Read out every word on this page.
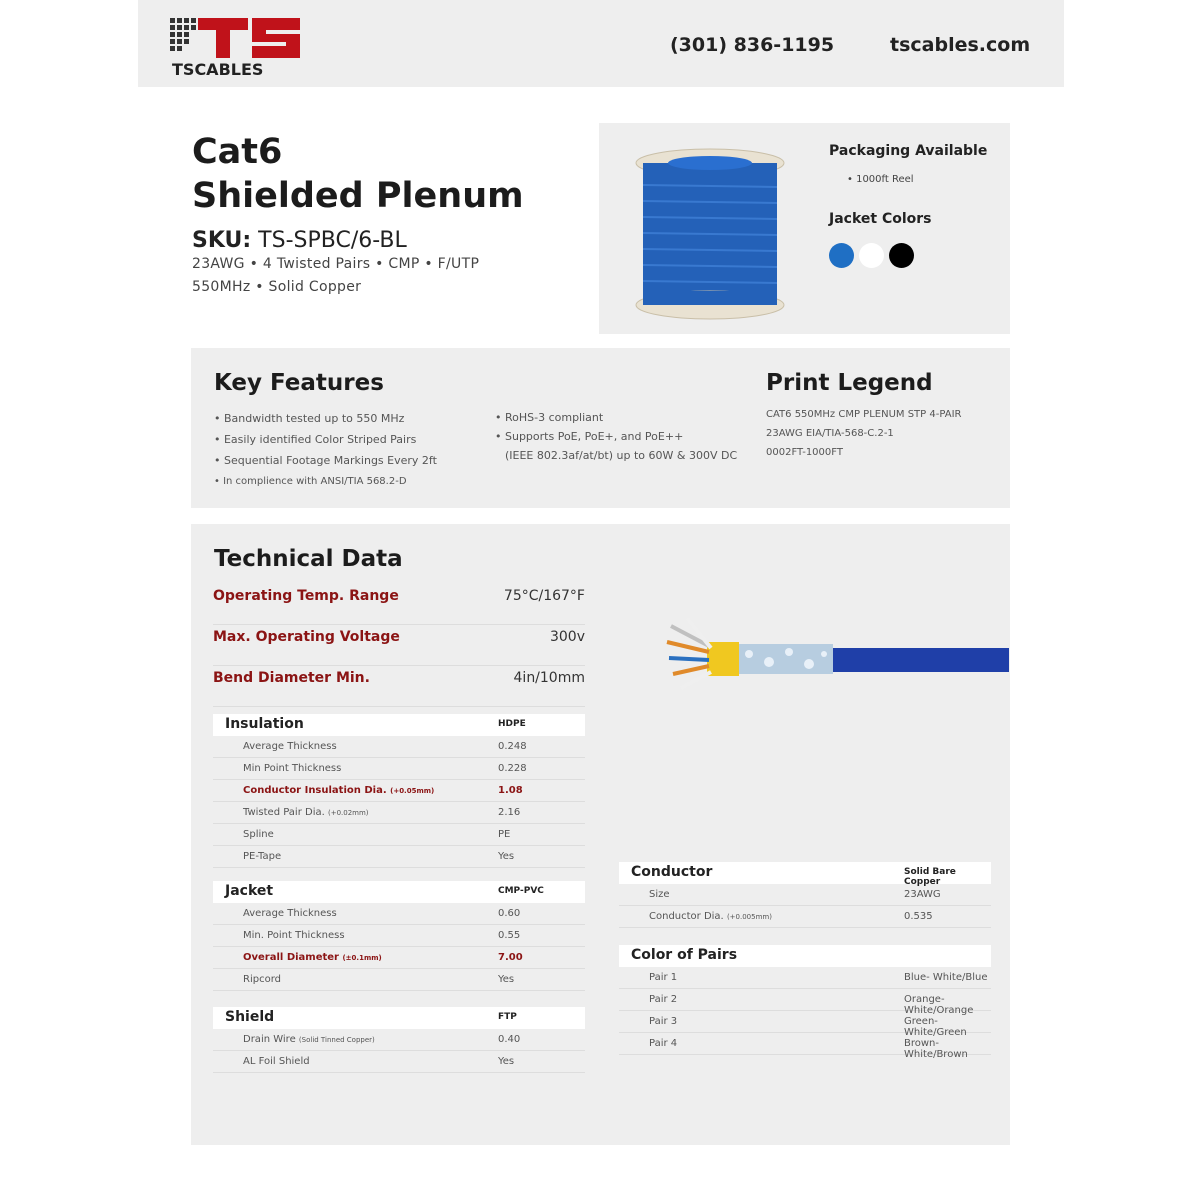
TSCABLES
(301) 836-1195	tscables.com
Cat6
Shielded Plenum
SKU: TS-SPBC/6-BL
23AWG • 4 Twisted Pairs • CMP • F/UTP
550MHz • Solid Copper
Packaging Available
• 1000ft Reel
Jacket Colors
Key Features
• Bandwidth tested up to 550 MHz
• Easily identified Color Striped Pairs
• Sequential Footage Markings Every 2ft
• In complience with ANSI/TIA 568.2-D
• RoHS-3 compliant
• Supports PoE, PoE+, and PoE++
(IEEE 802.3af/at/bt) up to 60W & 300V DC
Print Legend
CAT6 550MHz CMP PLENUM STP 4-PAIR
23AWG EIA/TIA-568-C.2-1
0002FT-1000FT
Technical Data
Operating Temp. Range	75°C/167°F
Max. Operating Voltage	300v
Bend Diameter Min.	4in/10mm
Insulation	HDPE
Average Thickness	0.248
Min Point Thickness	0.228
Conductor Insulation Dia. (+0.05mm)	1.08
Twisted Pair Dia. (+0.02mm)	2.16
Spline	PE
PE-Tape	Yes
Jacket	CMP-PVC
Average Thickness	0.60
Min. Point Thickness	0.55
Overall Diameter (±0.1mm)	7.00
Ripcord	Yes
Shield	FTP
Drain Wire (Solid Tinned Copper)	0.40
AL Foil Shield	Yes
Conductor	Solid Bare Copper
Size	23AWG
Conductor Dia. (+0.005mm)	0.535
Color of Pairs
Pair 1	Blue- White/Blue
Pair 2	Orange- White/Orange
Pair 3	Green- White/Green
Pair 4	Brown- White/Brown
